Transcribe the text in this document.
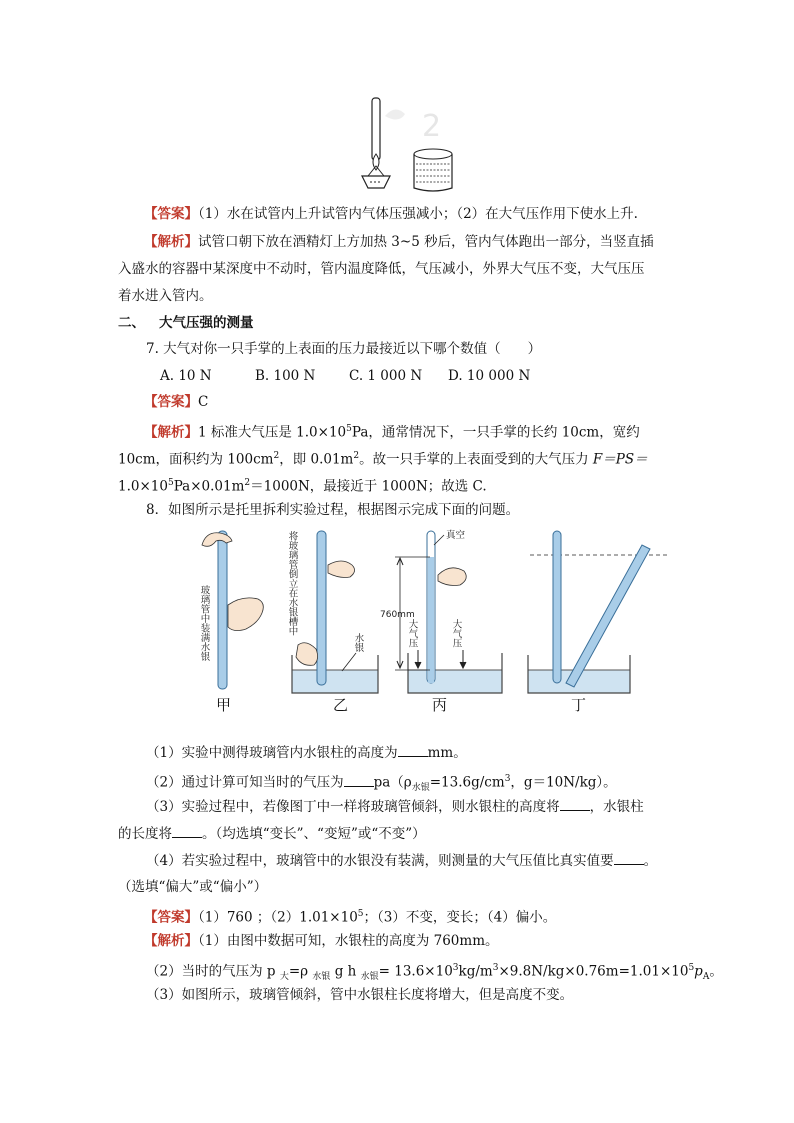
2
【答案】（1）水在试管内上升试管内气体压强减小；（2）在大气压作用下使水上升.
【解析】试管口朝下放在酒精灯上方加热 3~5 秒后，管内气体跑出一部分，当竖直插
入盛水的容器中某深度中不动时，管内温度降低，气压减小，外界大气压不变，大气压压
着水进入管内。
二、 大气压强的测量
7. 大气对你一只手掌的上表面的压力最接近以下哪个数值（　　）
A. 10 N	B. 100 N C. 1 000 N D. 10 000 N
【答案】C
【解析】1 标准大气压是 $1.0\times 10^5Pa$，通常情况下，一只手掌的长约 10cm，宽约
10cm，面积约为 $100cm^2$，即 $0.01m^2$。故一只手掌的上表面受到的大气压力 F＝PS＝
$1.0\times 10^5Pa\times 0.01m^2=1000N$，最接近于 1000N；故选 C.
8．如图所示是托里拆利实验过程，根据图示完成下面的问题。
玻璃管中装满水银	将玻璃管倒立在水银槽中
水银
760mm
真空
大气压	大气压
甲	乙	丙	丁
（1）实验中测得玻璃管内水银柱的高度为 mm。
（2）通过计算可知当时的气压为 $pa(\rho_{水银}=13.6g/cm^3$，g＝10N/kg）。
（3）实验过程中，若像图丁中一样将玻璃管倾斜，则水银柱的高度将 ，水银柱
的长度将 。（均选填“变长”、“变短”或“不变”）
（4）若实验过程中，玻璃管中的水银没有装满，则测量的大气压值比真实值要 。
（选填“偏大”或“偏小”）
【答案】（1）760 ；$(2)1.01\times 10^5$；（3）不变，变长；（4）偏小。
【解析】（1）由图中数据可知，水银柱的高度为 760mm。
（2）当时的气压为 p $_大$=ρ $_{水银}$ g h $_{水银}= 13.6\times 10^3kg/m^3\times 9.8N/kg\times 0.76m=1.01\times 10^5p_A$。
（3）如图所示，玻璃管倾斜，管中水银柱长度将增大，但是高度不变。
